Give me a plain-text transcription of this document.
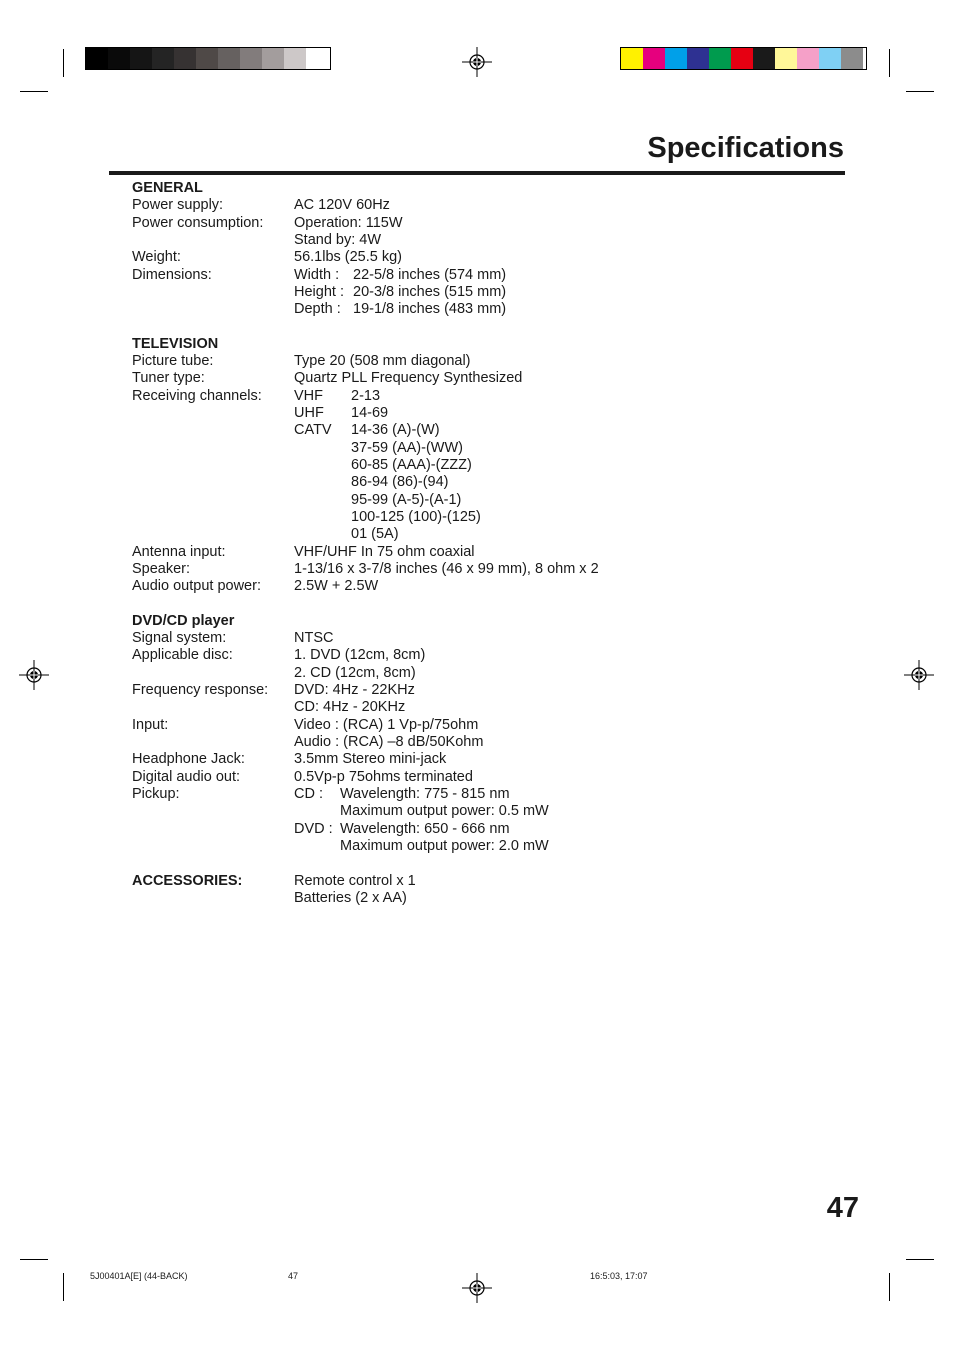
Specifications
GENERAL
Power supply:	AC 120V 60Hz
Power consumption: Operation: 115W
Stand by: 4W
Weight:	56.1lbs (25.5 kg)
Dimensions:	Width : 22-5/8 inches (574 mm)
Height : 20-3/8 inches (515 mm)
Depth : 19-1/8 inches (483 mm)
TELEVISION
Picture tube:	Type 20 (508 mm diagonal)
Tuner type:	Quartz PLL Frequency Synthesized
Receiving channels: VHF 2-13
UHF 14-69
CATV 14-36 (A)-(W)
37-59 (AA)-(WW)
60-85 (AAA)-(ZZZ)
86-94 (86)-(94)
95-99 (A-5)-(A-1)
100-125 (100)-(125)
01 (5A)
Antenna input:	VHF/UHF In 75 ohm coaxial
Speaker:	1-13/16 x 3-7/8 inches (46 x 99 mm), 8 ohm x 2
Audio output power: 2.5W + 2.5W
DVD/CD player
Signal system:	NTSC
Applicable disc:	1. DVD (12cm, 8cm)
2. CD (12cm, 8cm)
Frequency response: DVD: 4Hz - 22KHz
CD: 4Hz - 20KHz
Input:	Video : (RCA) 1 Vp-p/75ohm
Audio : (RCA) –8 dB/50Kohm
Headphone Jack:	3.5mm Stereo mini-jack
Digital audio out:	0.5Vp-p 75ohms terminated
Pickup:	CD : Wavelength: 775 - 815 nm
Maximum output power: 0.5 mW
DVD : Wavelength: 650 - 666 nm
Maximum output power: 2.0 mW
ACCESSORIES:	Remote control x 1
Batteries (2 x AA)
47
5J00401A[E] (44-BACK)	47	16:5:03, 17:07
